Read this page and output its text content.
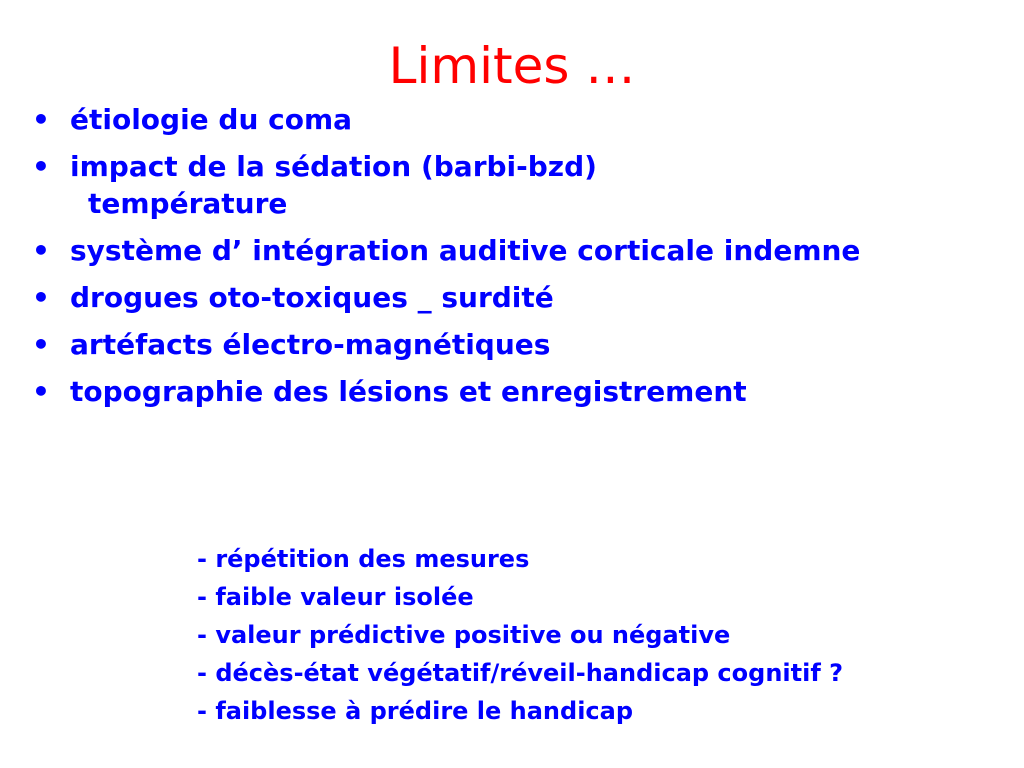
Limites …
• étiologie du coma
• impact de la sédation (barbi-bzd)
température
• système d’ intégration auditive corticale indemne
• drogues oto-toxiques _ surdité
• artéfacts électro-magnétiques
• topographie des lésions et enregistrement
- répétition des mesures
- faible valeur isolée
- valeur prédictive positive ou négative
- décès-état végétatif/réveil-handicap cognitif ?
- faiblesse à prédire le handicap
